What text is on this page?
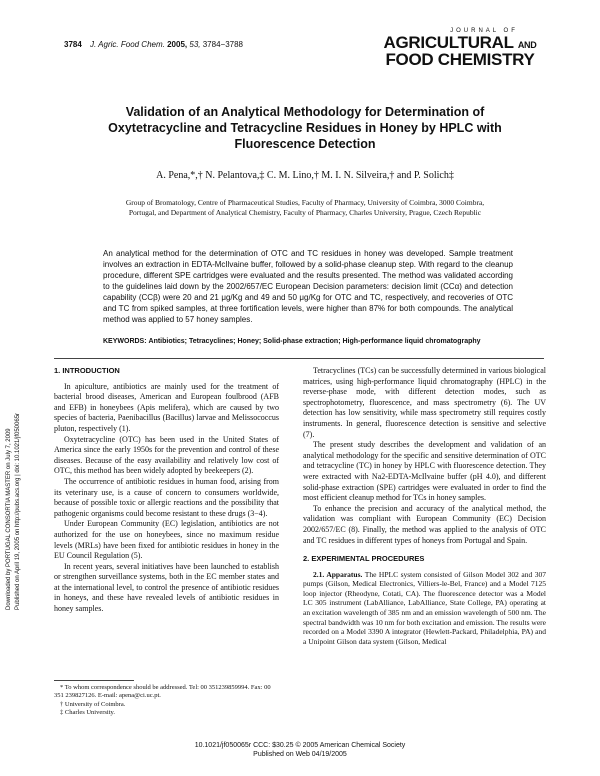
3784 J. Agric. Food Chem. 2005, 53, 3784−3788
JOURNAL OF
AGRICULTURAL AND
FOOD CHEMISTRY
Validation of an Analytical Methodology for Determination of Oxytetracycline and Tetracycline Residues in Honey by HPLC with Fluorescence Detection
A. Pena,*,† N. Pelantova,‡ C. M. Lino,† M. I. N. Silveira,† and P. Solich‡
Group of Bromatology, Centre of Pharmaceutical Studies, Faculty of Pharmacy, University of Coimbra, 3000 Coimbra, Portugal, and Department of Analytical Chemistry, Faculty of Pharmacy, Charles University, Prague, Czech Republic
An analytical method for the determination of OTC and TC residues in honey was developed. Sample treatment involves an extraction in EDTA-McIlvaine buffer, followed by a solid-phase cleanup step. With regard to the cleanup procedure, different SPE cartridges were evaluated and the results presented. The method was validated according to the guidelines laid down by the 2002/657/EC European Decision parameters: decision limit (CCα) and detection capability (CCβ) were 20 and 21 μg/Kg and 49 and 50 μg/Kg for OTC and TC, respectively, and recoveries of OTC and TC from spiked samples, at three fortification levels, were higher than 87% for both compounds. The analytical method was applied to 57 honey samples.
KEYWORDS: Antibiotics; Tetracyclines; Honey; Solid-phase extraction; High-performance liquid chromatography
Downloaded by PORTUGAL CONSORTIA MASTER on July 7, 2009 Published on April 19, 2005 on http://pubs.acs.org | doi: 10.1021/jf050065r

1. INTRODUCTION

In apiculture, antibiotics are mainly used for the treatment of bacterial brood diseases, American and European foulbrood (AFB and EFB) in honeybees (Apis melifera), which are caused by two species of bacteria, Paenibacillus (Bacillus) larvae and Melissococcus pluton, respectively (1).

Oxytetracycline (OTC) has been used in the United States of America since the early 1950s for the prevention and control of these diseases. Because of the easy availability and relatively low cost of OTC, this method has been widely adopted by beekeepers (2).

The occurrence of antibiotic residues in human food, arising from its veterinary use, is a cause of concern to consumers worldwide, because of possible toxic or allergic reactions and the possibility that pathogenic organisms could become resistant to these drugs (3−4).

Under European Community (EC) legislation, antibiotics are not authorized for the use on honeybees, since no maximum residue levels (MRLs) have been fixed for antibiotic residues in honey in the EU Council Regulation (5).

In recent years, several initiatives have been launched to establish or strengthen surveillance systems, both in the EC member states and at the international level, to control the presence of antibiotic residues in honeys, and these have revealed levels of antibiotic residues in honey samples.

Tetracyclines (TCs) can be successfully determined in various biological matrices, using high-performance liquid chromatography (HPLC) in the reverse-phase mode, with different detection modes, such as spectrophotometry, fluorescence, and mass spectrometry (6). The UV detection has low sensitivity, while mass spectrometry still requires costly instruments. In general, fluorescence detection is sensitive and selective (7).

The present study describes the development and validation of an analytical methodology for the specific and sensitive determination of OTC and tetracycline (TC) in honey by HPLC with fluorescence detection. They were extracted with Na2-EDTA-McIlvaine buffer (pH 4.0), and different solid-phase extraction (SPE) cartridges were evaluated in order to find the most efficient cleanup method for TCs in honey samples.

To enhance the precision and accuracy of the analytical method, the validation was compliant with European Community (EC) Decision 2002/657/EC (8). Finally, the method was applied to the analysis of OTC and TC residues in different types of honeys from Portugal and Spain.

2. EXPERIMENTAL PROCEDURES

2.1. Apparatus. The HPLC system consisted of Gilson Model 302 and 307 pumps (Gilson, Medical Electronics, Villiers-le-Bel, France) and a Model 7125 loop injector (Rheodyne, Cotati, CA). The fluorescence detector was a Model LC 305 instrument (LabAlliance, LabAlliance, State College, PA) operating at an excitation wavelength of 385 nm and an emission wavelength of 500 nm. The spectral bandwidth was 10 nm for both excitation and emission. The results were recorded on a Model 3390 A integrator (Hewlett-Packard, Philadelphia, PA) and a Unipoint Gilson data system (Gilson, Medical

* To whom correspondence should be addressed. Tel: 00 351239859994. Fax: 00 351 239827126. E-mail: apena@ci.uc.pt.
† University of Coimbra.
‡ Charles University.
10.1021/jf050065r CCC: $30.25 © 2005 American Chemical Society
Published on Web 04/19/2005
